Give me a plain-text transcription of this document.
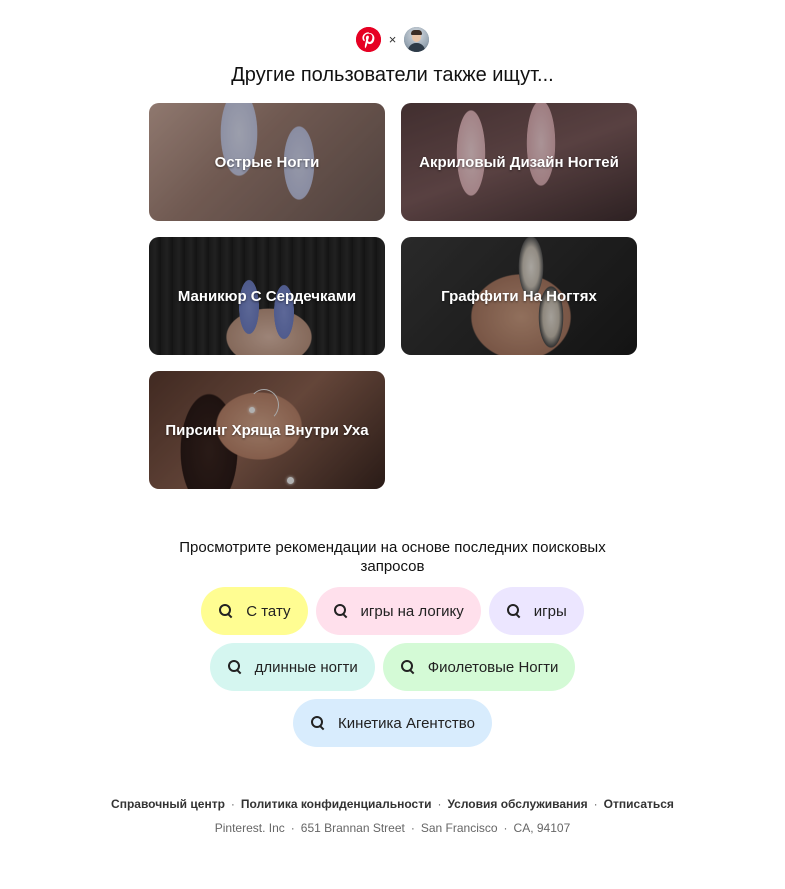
×
Другие пользователи также ищут...
Острые Ногти	Акриловый Дизайн Ногтей
Маникюр С Сердечками	Граффити На Ногтях
Пирсинг Хряща Внутри Уха
Просмотрите рекомендации на основе последних поисковых запросов
С тату	игры на логику	игры
длинные ногти	Фиолетовые Ногти
Кинетика Агентство
Справочный центр · Политика конфиденциальности · Условия обслуживания · Отписаться
Pinterest. Inc · 651 Brannan Street · San Francisco · CA, 94107
